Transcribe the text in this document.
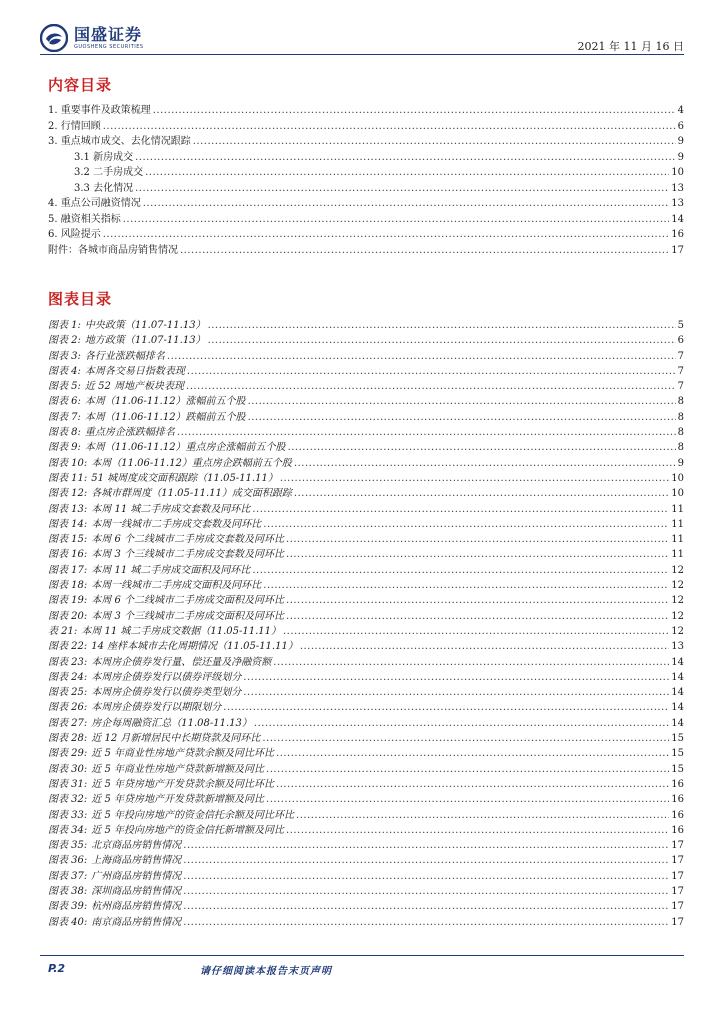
国盛证券
GUOSHENG SECURITIES	2021 年 11 月 16 日
内容目录
1. 重要事件及政策梳理 .....	4
2. 行情回顾 .....	6
3. 重点城市成交、去化情况跟踪 .....	9
3.1 新房成交 .....	9
3.2 二手房成交 .....	10
3.3 去化情况 .....	13
4. 重点公司融资情况 .....	13
5. 融资相关指标 .....	14
6. 风险提示 .....	16
附件：各城市商品房销售情况 .....	17
图表目录
图表 1: 中央政策（11.07-11.13） .....	5
图表 2: 地方政策（11.07-11.13） .....	6
图表 3: 各行业涨跌幅排名 .....	7
图表 4: 本周各交易日指数表现 .....	7
图表 5: 近 52 周地产板块表现 .....	7
图表 6: 本周（11.06-11.12）涨幅前五个股 .....	8
图表 7: 本周（11.06-11.12）跌幅前五个股 .....	8
图表 8: 重点房企涨跌幅排名 .....	8
图表 9: 本周（11.06-11.12）重点房企涨幅前五个股 .....	8
图表 10: 本周（11.06-11.12）重点房企跌幅前五个股 .....	9
图表 11: 51 城周度成交面积跟踪（11.05-11.11） .....	10
图表 12: 各城市群周度（11.05-11.11）成交面积跟踪 .....	10
图表 13: 本周 11 城二手房成交套数及同环比 .....	11
图表 14: 本周一线城市二手房成交套数及同环比 .....	11
图表 15: 本周 6 个二线城市二手房成交套数及同环比 .....	11
图表 16: 本周 3 个三线城市二手房成交套数及同环比 .....	11
图表 17: 本周 11 城二手房成交面积及同环比 .....	12
图表 18: 本周一线城市二手房成交面积及同环比 .....	12
图表 19: 本周 6 个二线城市二手房成交面积及同环比 .....	12
图表 20: 本周 3 个三线城市二手房成交面积及同环比 .....	12
表 21: 本周 11 城二手房成交数据（11.05-11.11） .....	12
图表 22: 14 座样本城市去化周期情况（11.05-11.11） .....	13
图表 23: 本周房企债券发行量、偿还量及净融资额 .....	14
图表 24: 本周房企债券发行以债券评级划分 .....	14
图表 25: 本周房企债券发行以债券类型划分 .....	14
图表 26: 本周房企债券发行以期限划分 .....	14
图表 27: 房企每周融资汇总（11.08-11.13） .....	14
图表 28: 近 12 月新增居民中长期贷款及同环比 .....	15
图表 29: 近 5 年商业性房地产贷款余额及同比环比 .....	15
图表 30: 近 5 年商业性房地产贷款新增额及同比 .....	15
图表 31: 近 5 年贷房地产开发贷款余额及同比环比 .....	16
图表 32: 近 5 年贷房地产开发贷款新增额及同比 .....	16
图表 33: 近 5 年投向房地产的资金信托余额及同比环比 .....	16
图表 34: 近 5 年投向房地产的资金信托新增额及同比 .....	16
图表 35: 北京商品房销售情况 .....	17
图表 36: 上海商品房销售情况 .....	17
图表 37: 广州商品房销售情况 .....	17
图表 38: 深圳商品房销售情况 .....	17
图表 39: 杭州商品房销售情况 .....	17
图表 40: 南京商品房销售情况 .....	17
P.2	请仔细阅读本报告末页声明
